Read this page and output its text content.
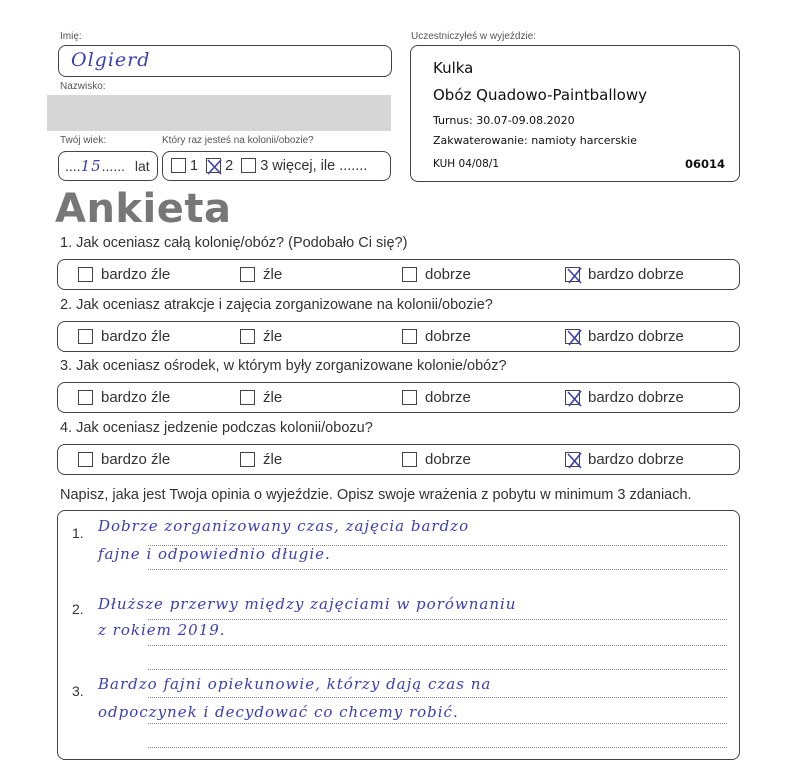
Imię:
Olgierd
Nazwisko:
Twój wiek:
....15...... lat
Który raz jesteś na kolonii/obozie?
1 2 3 więcej, ile .......
Uczestniczyłeś w wyjeździe:
Kulka
Obóz Quadowo-Paintballowy
Turnus: 30.07-09.08.2020
Zakwaterowanie: namioty harcerskie
KUH 04/08/1	06014
Ankieta
1. Jak oceniasz całą kolonię/obóz? (Podobało Ci się?)
bardzo źle	źle	dobrze	bardzo dobrze
2. Jak oceniasz atrakcje i zajęcia zorganizowane na kolonii/obozie?
bardzo źle	źle	dobrze	bardzo dobrze
3. Jak oceniasz ośrodek, w którym były zorganizowane kolonie/obóz?
bardzo źle	źle	dobrze	bardzo dobrze
4. Jak oceniasz jedzenie podczas kolonii/obozu?
bardzo źle	źle	dobrze	bardzo dobrze
Napisz, jaka jest Twoja opinia o wyjeździe. Opisz swoje wrażenia z pobytu w minimum 3 zdaniach.
1. Dobrze zorganizowany czas, zajęcia bardzo
fajne i odpowiednio długie.
2. Dłuższe przerwy między zajęciami w porównaniu
z rokiem 2019.
3. Bardzo fajni opiekunowie, którzy dają czas na
odpoczynek i decydować co chcemy robić.
